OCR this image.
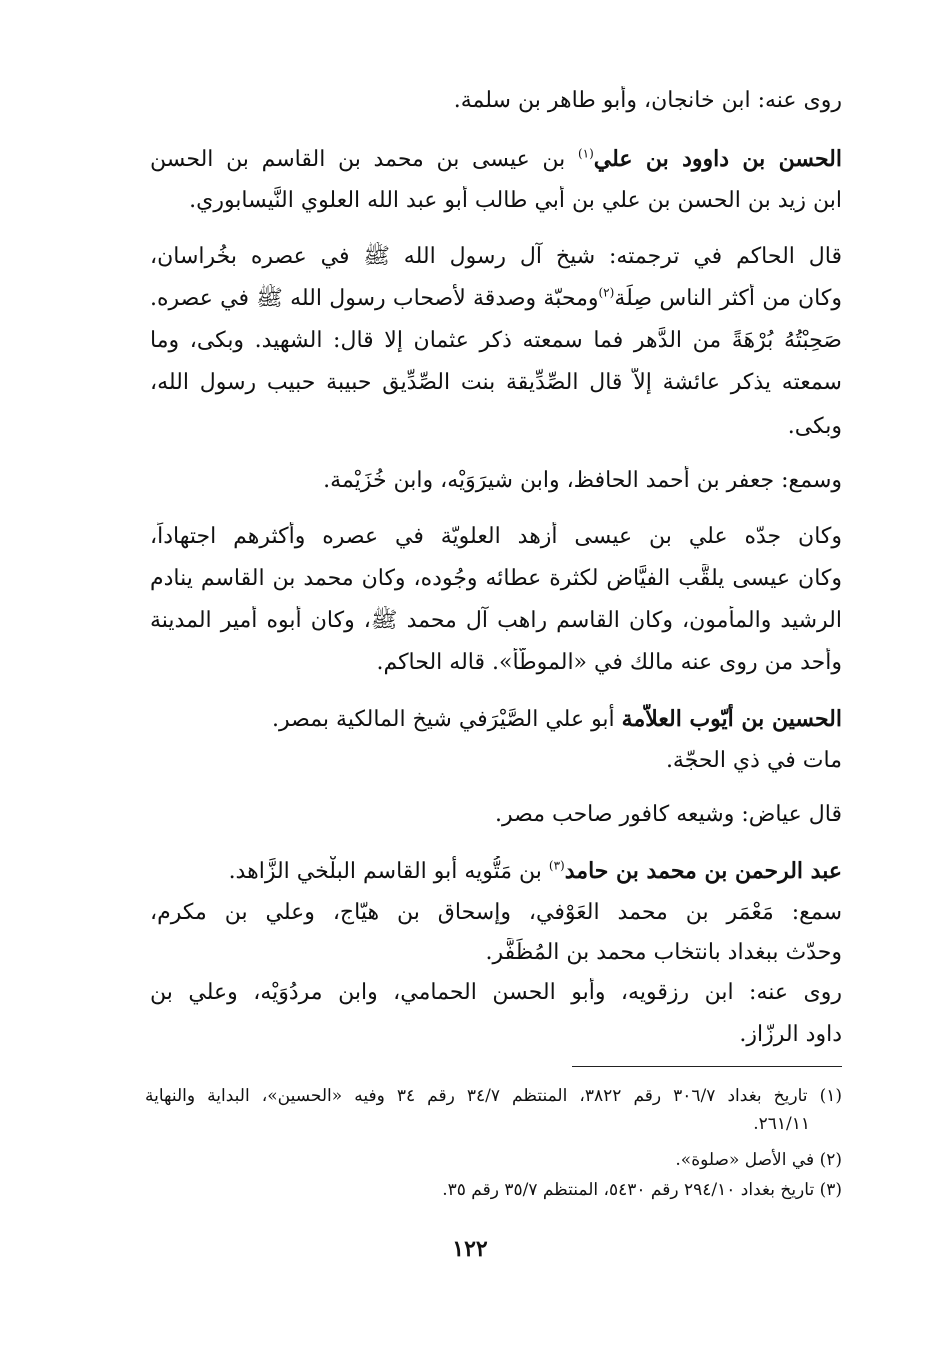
روى عنه: ابن خانجان، وأبو طاهر بن سلمة.
الحسن بن داوود بن علي$^{(١)}$ بن عيسى بن محمد بن القاسم بن الحسن
ابن زيد بن الحسن بن علي بن أبي طالب أبو عبد الله العلوي النَّيسابوري.
قال الحاكم في ترجمته: شيخ آل رسول الله ﷺ في عصره بخُراسان،
وكان من أكثر الناس صِلَة$^{(٢)}$ومحبّة وصدقة لأصحاب رسول الله ﷺ في عصره.
صَحِبْتُهُ بُرْهَةً من الدَّهر فما سمعته ذكر عثمان إلا قال: الشهيد. وبكى، وما
سمعته يذكر عائشة إلاّ قال الصِّدِّيقة بنت الصِّدِّيق حبيبة حبيب رسول الله،
وبكى.
وسمع: جعفر بن أحمد الحافظ، وابن شيرَوَيْه، وابن خُزَيْمة.
وكان جدّه علي بن عيسى أزهد العلويّة في عصره وأكثرهم اجتهاداً،
وكان عيسى يلقَّب الفيَّاض لكثرة عطائه وجُوده، وكان محمد بن القاسم ينادم
الرشيد والمأمون، وكان القاسم راهب آل محمد ﷺ، وكان أبوه أمير المدينة
وأحد من روى عنه مالك في «الموطَّأ». قاله الحاكم.
الحسين بن أيّوب العلاّمة أبو علي الصَّيْرَفي شيخ المالكية بمصر.
مات في ذي الحجّة.
قال عياض: وشيعه كافور صاحب مصر.
عبد الرحمن بن محمد بن حامد$^{(٣)}$ بن مَتُّويه أبو القاسم البلْخي الزَّاهد.
سمع: مَعْمَر بن محمد العَوْفي، وإسحاق بن هيّاج، وعلي بن مكرم،
وحدّث ببغداد بانتخاب محمد بن المُظَفَّر.
روى عنه: ابن رزقويه، وأبو الحسن الحمامي، وابن مردُوَيْه، وعلي بن
داود الرزّاز.
(١) تاريخ بغداد ٣٠٦/٧ رقم ٣٨٢٢، المنتظم ٣٤/٧ رقم ٣٤ وفيه «الحسين»، البداية والنهاية
٢٦١/١١.
(٢) في الأصل «صلوة».
(٣) تاريخ بغداد ٢٩٤/١٠ رقم ٥٤٣٠، المنتظم ٣٥/٧ رقم ٣٥.
١٢٢
